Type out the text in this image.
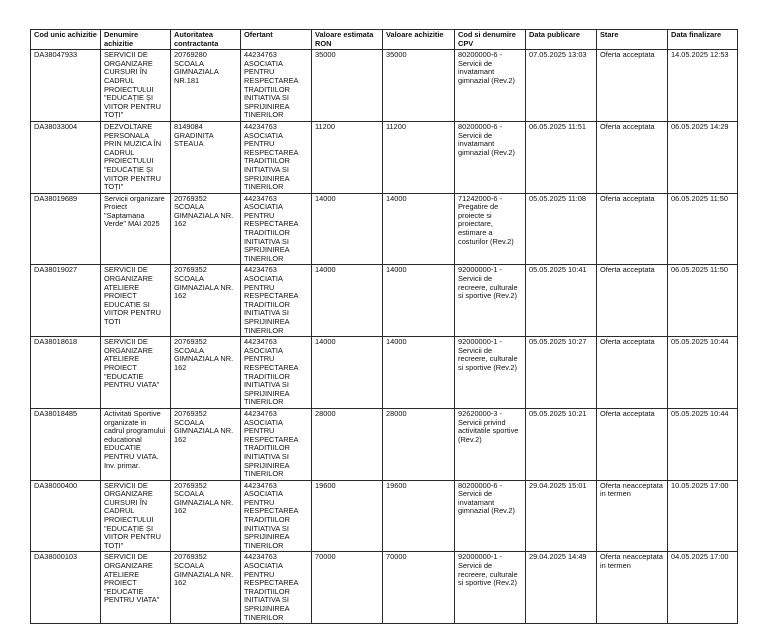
Cod unic achizitie	Denumire achizitie	Autoritatea contractanta	Ofertant	Valoare estimata RON	Valoare achizitie	Cod si denumire CPV	Data publicare	Stare	Data finalizare
DA38047933	SERVICII DE ORGANIZARE CURSURI ÎN CADRUL PROIECTULUI "EDUCAȚIE ȘI VIITOR PENTRU TOȚI"	20769280 SCOALA GIMNAZIALA NR.181	44234763 ASOCIATIA PENTRU RESPECTAREA TRADITIILOR INITIATIVA SI SPRIJINIREA TINERILOR	35000	35000	80200000-6 - Servicii de invatamant gimnazial (Rev.2)	07.05.2025 13:03	Oferta acceptata	14.05.2025 12:53
DA38033004	DEZVOLTARE PERSONALA PRIN MUZICA ÎN CADRUL PROIECTULUI "EDUCAȚIE ȘI VIITOR PENTRU TOȚI"	8149084 GRADINITA STEAUA	44234763 ASOCIATIA PENTRU RESPECTAREA TRADITIILOR INITIATIVA SI SPRIJINIREA TINERILOR	11200	11200	80200000-6 - Servicii de invatamant gimnazial (Rev.2)	06.05.2025 11:51	Oferta acceptata	06.05.2025 14:29
DA38019689	Servicii organizare Proiect "Saptamana Verde" MAI 2025	20769352 SCOALA GIMNAZIALA NR. 162	44234763 ASOCIATIA PENTRU RESPECTAREA TRADITIILOR INITIATIVA SI SPRIJINIREA TINERILOR	14000	14000	71242000-6 - Pregatire de proiecte si proiectare, estimare a costurilor (Rev.2)	05.05.2025 11:08	Oferta acceptata	06.05.2025 11:50
DA38019027	SERVICII DE ORGANIZARE ATELIERE PROIECT EDUCATIE SI VIITOR PENTRU TOTI	20769352 SCOALA GIMNAZIALA NR. 162	44234763 ASOCIATIA PENTRU RESPECTAREA TRADITIILOR INITIATIVA SI SPRIJINIREA TINERILOR	14000	14000	92000000-1 - Servicii de recreere, culturale si sportive (Rev.2)	05.05.2025 10:41	Oferta acceptata	06.05.2025 11:50
DA38018618	SERVICII DE ORGANIZARE ATELIERE PROIECT "EDUCATIE PENTRU VIATA"	20769352 SCOALA GIMNAZIALA NR. 162	44234763 ASOCIATIA PENTRU RESPECTAREA TRADITIILOR INITIATIVA SI SPRIJINIREA TINERILOR	14000	14000	92000000-1 - Servicii de recreere, culturale si sportive (Rev.2)	05.05.2025 10:27	Oferta acceptata	05.05.2025 10:44
DA38018485	Activitati Sportive organizate in cadrul programului educational EDUCATIE PENTRU VIATA. Inv. primar.	20769352 SCOALA GIMNAZIALA NR. 162	44234763 ASOCIATIA PENTRU RESPECTAREA TRADITIILOR INITIATIVA SI SPRIJINIREA TINERILOR	28000	28000	92620000-3 - Servicii privind activitatile sportive (Rev.2)	05.05.2025 10:21	Oferta acceptata	05.05.2025 10:44
DA38000400	SERVICII DE ORGANIZARE CURSURI ÎN CADRUL PROIECTULUI "EDUCAȚIE ȘI VIITOR PENTRU TOȚI"	20769352 SCOALA GIMNAZIALA NR. 162	44234763 ASOCIATIA PENTRU RESPECTAREA TRADITIILOR INITIATIVA SI SPRIJINIREA TINERILOR	19600	19600	80200000-6 - Servicii de invatamant gimnazial (Rev.2)	29.04.2025 15:01	Oferta neacceptata in termen	10.05.2025 17:00
DA38000103	SERVICII DE ORGANIZARE ATELIERE PROIECT "EDUCATIE PENTRU VIATA"	20769352 SCOALA GIMNAZIALA NR. 162	44234763 ASOCIATIA PENTRU RESPECTAREA TRADITIILOR INITIATIVA SI SPRIJINIREA TINERILOR	70000	70000	92000000-1 - Servicii de recreere, culturale si sportive (Rev.2)	29.04.2025 14:49	Oferta neacceptata in termen	04.05.2025 17:00
